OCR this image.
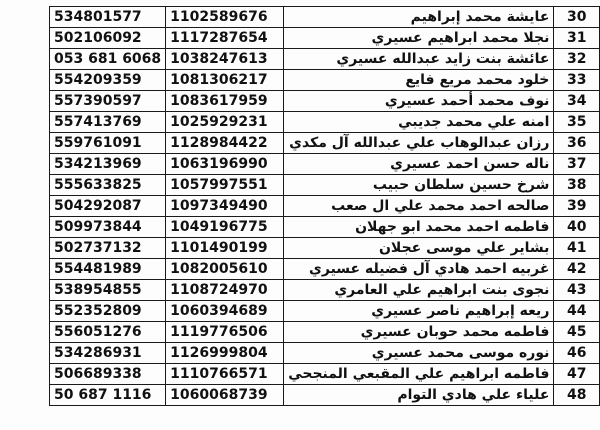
534801577	1102589676	عايشة محمد إبراهيم	30
502106092	1117287654	نجلا محمد ابراهيم عسيري	31
053 681 6068	1038247613	عائشة بنت زايد عبدالله عسيري	32
554209359	1081306217	خلود محمد مريع فايع	33
557390597	1083617959	نوف محمد أحمد عسيري	34
557413769	1025929231	امنه علي محمد جديبي	35
559761091	1128984422	رزان عبدالوهاب علي عبدالله آل مكدي	36
534213969	1063196990	ناله حسن احمد عسيري	37
555633825	1057997551	شرخ حسين سلطان حبيب	38
504292087	1097349490	صالحه احمد محمد علي ال صعب	39
509973844	1049196775	فاطمه احمد محمد ابو جهلان	40
502737132	1101490199	بشاير علي موسى عجلان	41
554481989	1082005610	غربيه احمد هادي آل فضيله عسيري	42
538954855	1108724970	نجوى بنت ابراهيم علي العامري	43
552352809	1060394689	ريعه إبراهيم ناصر عسيري	44
556051276	1119776506	فاطمه محمد حوبان عسيري	45
534286931	1126999804	نوره موسى محمد عسيري	46
506689338	1110766571	فاطمه ابراهيم علي المقبعي المنجحي	47
50 687 1116	1060068739	علياء علي هادي التوام	48
